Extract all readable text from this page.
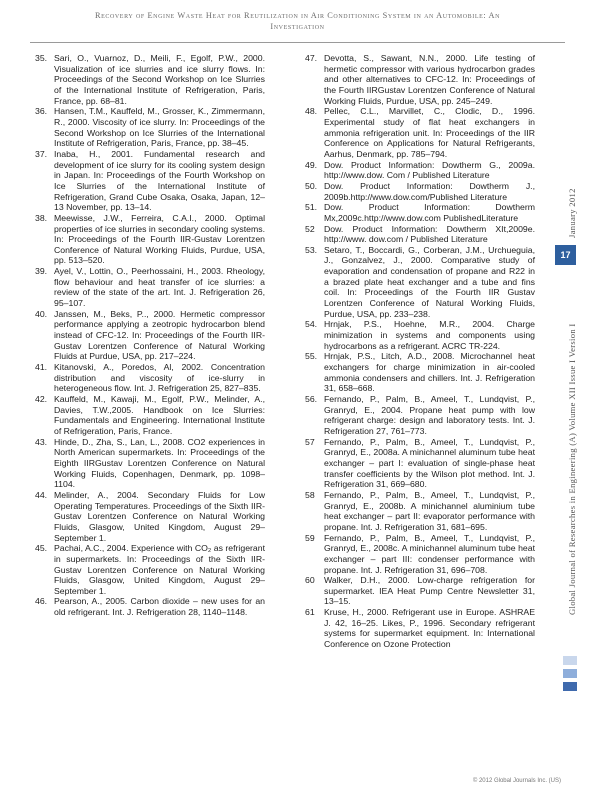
Recovery of Engine Waste Heat for Reutilization in Air Conditioning System in an Automobile: An
Investigation
35. Sari, O., Vuarnoz, D., Meili, F., Egolf, P.W., 2000. Visualization of ice slurries and ice slurry flows. In: Proceedings of the Second Workshop on Ice Slurries of the International Institute of Refrigeration, Paris, France, pp. 68–81.
36. Hansen, T.M., Kauffeld, M., Grosser, K., Zimmermann, R., 2000. Viscosity of ice slurry. In: Proceedings of the Second Workshop on Ice Slurries of the International Institute of Refrigeration, Paris, France, pp. 38–45.
37. Inaba, H., 2001. Fundamental research and development of ice slurry for its cooling system design in Japan. In: Proceedings of the Fourth Workshop on Ice Slurries of the International Institute of Refrigeration, Grand Cube Osaka, Osaka, Japan, 12–13 November, pp. 13–14.
38. Meewisse, J.W., Ferreira, C.A.I., 2000. Optimal properties of ice slurries in secondary cooling systems. In: Proceedings of the Fourth IIR-Gustav Lorentzen Conference of Natural Working Fluids, Purdue, USA, pp. 513–520.
39. Ayel, V., Lottin, O., Peerhossaini, H., 2003. Rheology, flow behaviour and heat transfer of ice slurries: a review of the state of the art. Int. J. Refrigeration 26, 95–107.
40. Janssen, M., Beks, P.., 2000. Hermetic compressor performance applying a zeotropic hydrocarbon blend instead of CFC-12. In: Proceedings of the Fourth IIR-Gustav Lorentzen Conference of Natural Working Fluids at Purdue, USA, pp. 217–224.
41. Kitanovski, A., Poredos, Al, 2002. Concentration distribution and viscosity of ice-slurry in heterogeneous flow. Int. J. Refrigeration 25, 827–835.
42. Kauffeld, M., Kawaji, M., Egolf, P.W., Melinder, A., Davies, T.W.,2005. Handbook on Ice Slurries: Fundamentals and Engineering. International Institute of Refrigeration, Paris, France.
43. Hinde, D., Zha, S., Lan, L., 2008. CO2 experiences in North American supermarkets. In: Proceedings of the Eighth IIRGustav Lorentzen Conference on Natural Working Fluids, Copenhagen, Denmark, pp. 1098–1104.
44. Melinder, A., 2004. Secondary Fluids for Low Operating Temperatures. Proceedings of the Sixth IIR-Gustav Lorentzen Conference on Natural Working Fluids, Glasgow, United Kingdom, August 29–September 1.
45. Pachai, A.C., 2004. Experience with CO₂ as refrigerant in supermarkets. In: Proceedings of the Sixth IIR-Gustav Lorentzen Conference on Natural Working Fluids, Glasgow, United Kingdom, August 29–September 1.
46. Pearson, A., 2005. Carbon dioxide – new uses for an old refrigerant. Int. J. Refrigeration 28, 1140–1148.
47. Devotta, S., Sawant, N.N., 2000. Life testing of hermetic compressor with various hydrocarbon grades and other alternatives to CFC-12. In: Proceedings of the Fourth IIRGustav Lorentzen Conference of Natural Working Fluids, Purdue, USA, pp. 245–249.
48. Pellec, C.L., Marvillet, C., Clodic, D., 1996. Experimental study of flat heat exchangers in ammonia refrigeration unit. In: Proceedings of the IIR Conference on Applications for Natural Refrigerants, Aarhus, Denmark, pp. 785–794.
49. Dow. Product Information: Dowtherm G., 2009a. http://www.dow. Com / Published Literature
50. Dow. Product Information: Dowtherm J., 2009b.http://www.dow.com/Published Literature
51. Dow. Product Information: Dowtherm Mx,2009c.http://www.dow.com PublishedLiterature
52	Dow. Product Information: Dowtherm XIt,2009e. http://www. dow.com / Published Literature
53. Setaro, T., Boccardi, G., Corberan, J.M., Urchueguia, J., Gonzalvez, J., 2000. Comparative study of evaporation and condensation of propane and R22 in a brazed plate heat exchanger and a tube and fins coil. In: Proceedings of the Fourth IIR Gustav Lorentzen Conference of Natural Working Fluids, Purdue, USA, pp. 233–238.
54. Hrnjak, P.S., Hoehne, M.R., 2004. Charge minimization in systems and components using hydrocarbons as a refrigerant. ACRC TR-224.
55. Hrnjak, P.S., Litch, A.D., 2008. Microchannel heat exchangers for charge minimization in air-cooled ammonia condensers and chillers. Int. J. Refrigeration 31, 658–668.
56. Fernando, P., Palm, B., Ameel, T., Lundqvist, P., Granryd, E., 2004. Propane heat pump with low refrigerant charge: design and laboratory tests. Int. J. Refrigeration 27, 761–773.
57	Fernando, P., Palm, B., Ameel, T., Lundqvist, P., Granryd, E., 2008a. A minichannel aluminum tube heat exchanger – part I: evaluation of single-phase heat transfer coefficients by the Wilson plot method. Int. J. Refrigeration 31, 669–680.
58	Fernando, P., Palm, B., Ameel, T., Lundqvist, P., Granryd, E., 2008b. A minichannel aluminium tube heat exchanger – part II: evaporator performance with propane. Int. J. Refrigeration 31, 681–695.
59	Fernando, P., Palm, B., Ameel, T., Lundqvist, P., Granryd, E., 2008c. A minichannel aluminum tube heat exchanger – part III: condenser performance with propane. Int. J. Refrigeration 31, 696–708.
60	Walker, D.H., 2000. Low-charge refrigeration for supermarket. IEA Heat Pump Centre Newsletter 31, 13–15.
61	Kruse, H., 2000. Refrigerant use in Europe. ASHRAE J. 42, 16–25. Likes, P., 1996. Secondary refrigerant systems for supermarket equipment. In: International Conference on Ozone Protection
January 2012
17
Global Journal of Researches in Engineering (A) Volume XII Issue I Version I
© 2012 Global Journals Inc. (US)
